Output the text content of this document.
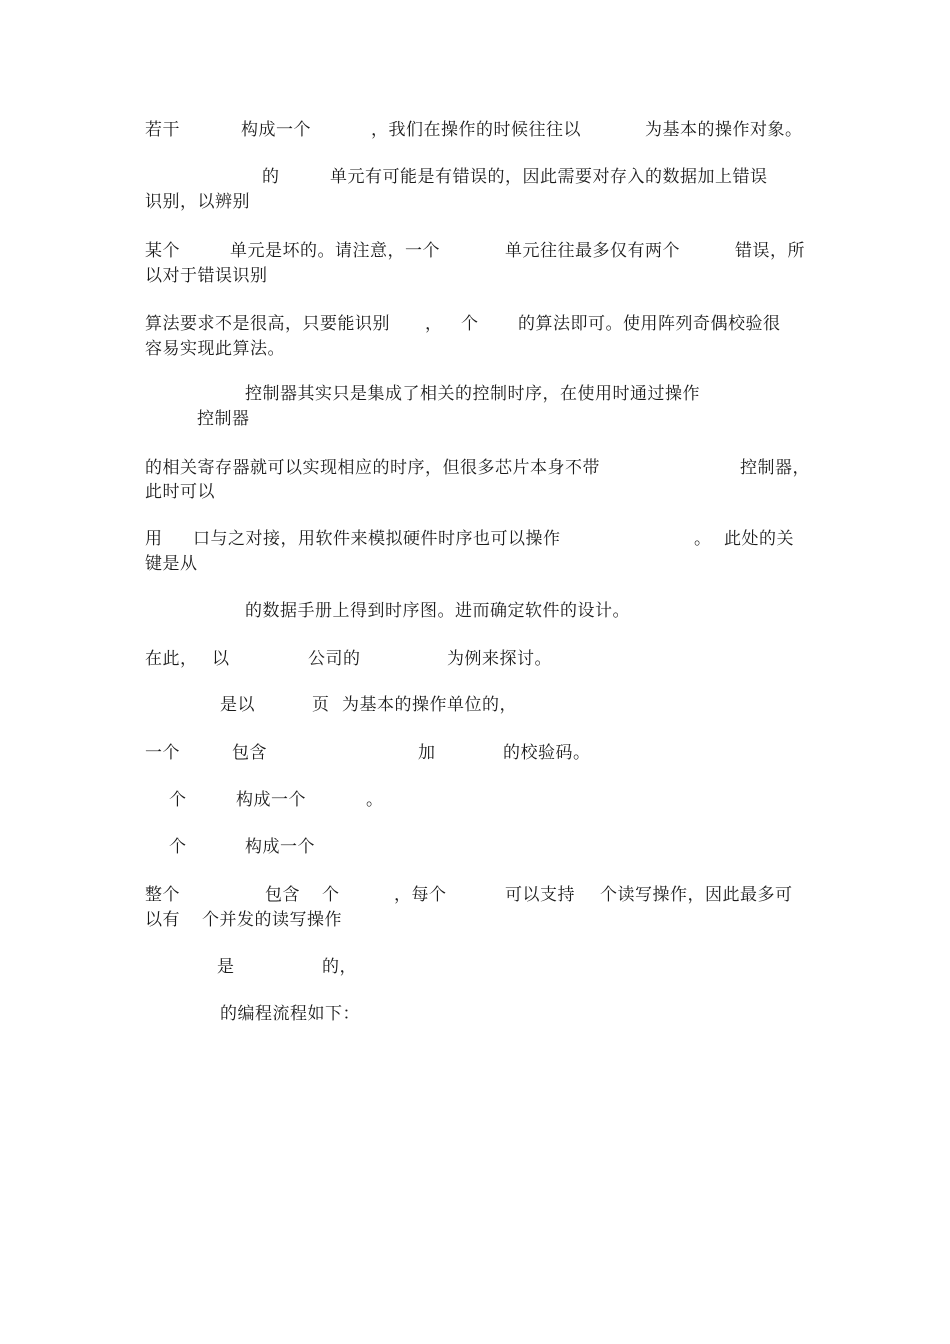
若干	构成一个	，我们在操作的时候往往以	为基本的操作对象。
的	单元有可能是有错误的，因此需要对存入的数据加上错误
识别，以辨别
某个	单元是坏的。请注意，一个	单元往往最多仅有两个	错误，所
以对于错误识别
算法要求不是很高，只要能识别 ， 个 的算法即可。使用阵列奇偶校验很
容易实现此算法。
控制器其实只是集成了相关的控制时序，在使用时通过操作
控制器
的相关寄存器就可以实现相应的时序，但很多芯片本身不带	控制器，
此时可以
用 口与之对接，用软件来模拟硬件时序也可以操作	。 此处的关
键是从
的数据手册上得到时序图。进而确定软件的设计。
在此， 以	公司的	为例来探讨。
是以	页 为基本的操作单位的，
一个	包含	加	的校验码。
个	构成一个	。
个	构成一个
整个	包含 个	，每个	可以支持 个读写操作，因此最多可
以有 个并发的读写操作
是	的，
的编程流程如下：
